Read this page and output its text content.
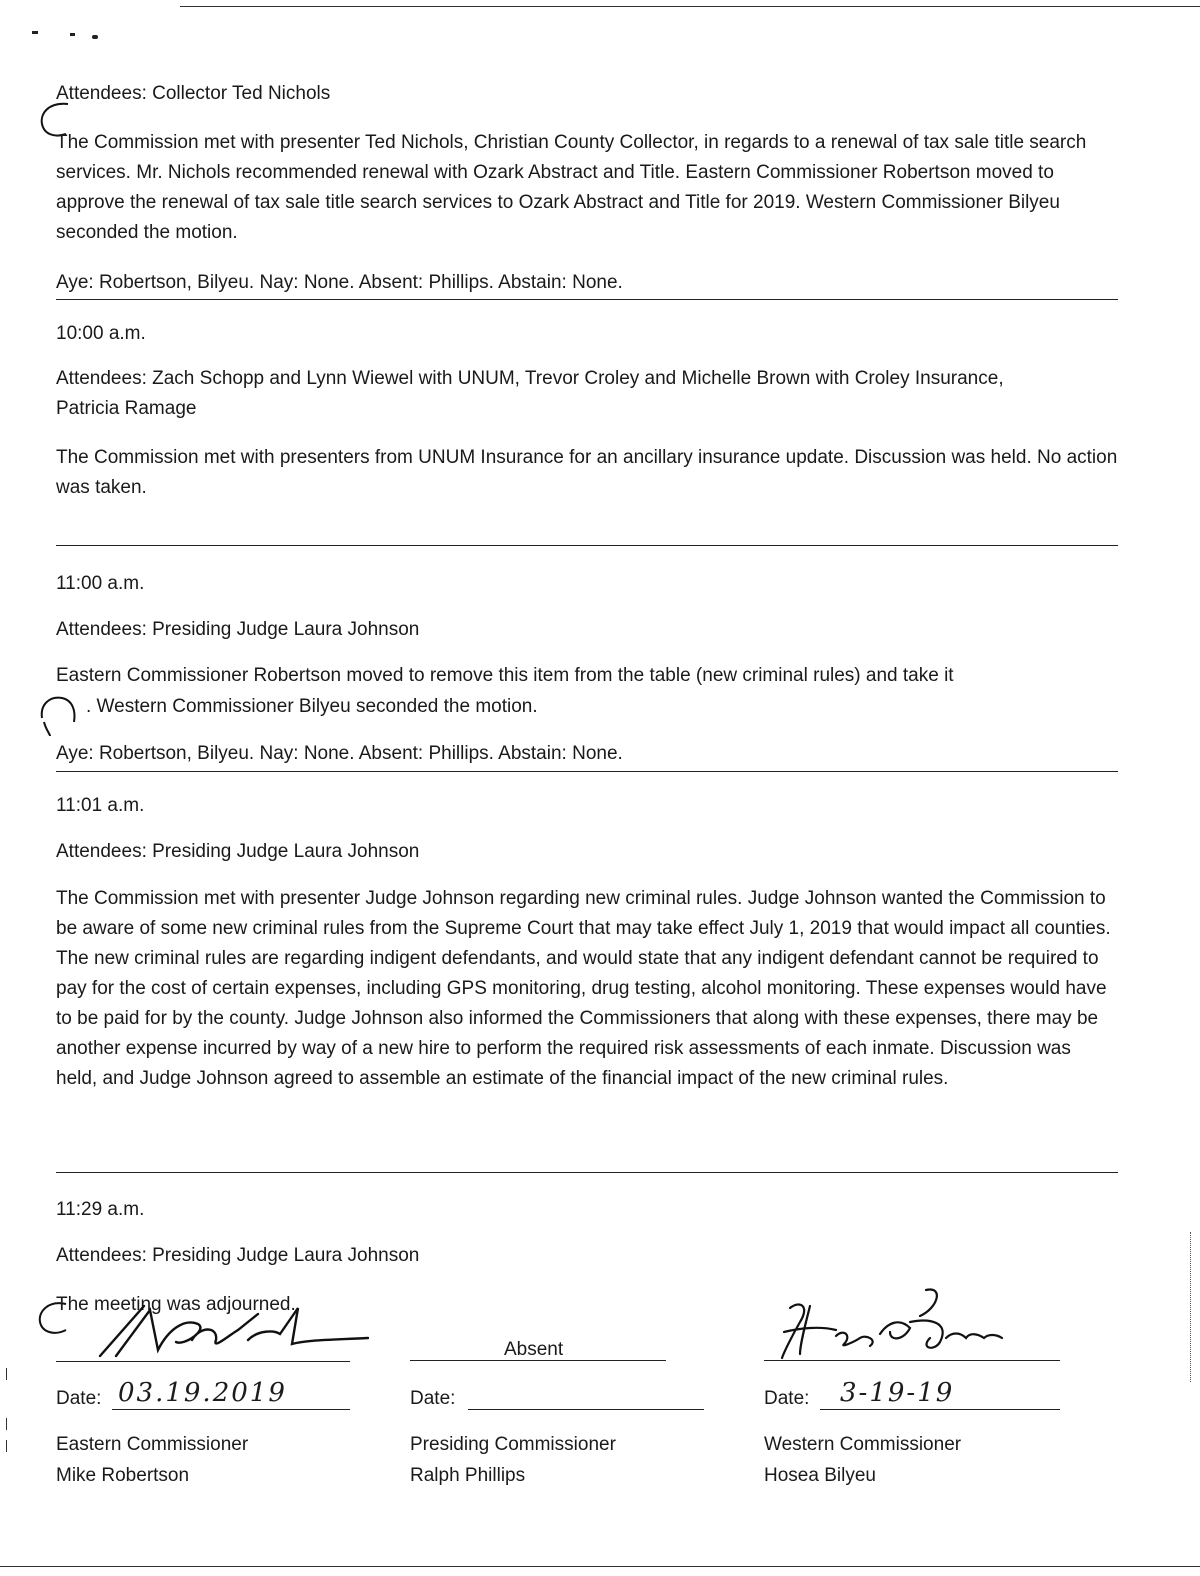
Attendees: Collector Ted Nichols
The Commission met with presenter Ted Nichols, Christian County Collector, in regards to a renewal of tax sale title search services. Mr. Nichols recommended renewal with Ozark Abstract and Title. Eastern Commissioner Robertson moved to approve the renewal of tax sale title search services to Ozark Abstract and Title for 2019. Western Commissioner Bilyeu seconded the motion.
Aye: Robertson, Bilyeu. Nay: None. Absent: Phillips. Abstain: None.
10:00 a.m.
Attendees: Zach Schopp and Lynn Wiewel with UNUM, Trevor Croley and Michelle Brown with Croley Insurance, Patricia Ramage
The Commission met with presenters from UNUM Insurance for an ancillary insurance update. Discussion was held. No action was taken.
11:00 a.m.
Attendees: Presiding Judge Laura Johnson
Eastern Commissioner Robertson moved to remove this item from the table (new criminal rules) and take it
. Western Commissioner Bilyeu seconded the motion.
Aye: Robertson, Bilyeu. Nay: None. Absent: Phillips. Abstain: None.
11:01 a.m.
Attendees: Presiding Judge Laura Johnson
The Commission met with presenter Judge Johnson regarding new criminal rules. Judge Johnson wanted the Commission to be aware of some new criminal rules from the Supreme Court that may take effect July 1, 2019 that would impact all counties. The new criminal rules are regarding indigent defendants, and would state that any indigent defendant cannot be required to pay for the cost of certain expenses, including GPS monitoring, drug testing, alcohol monitoring. These expenses would have to be paid for by the county. Judge Johnson also informed the Commissioners that along with these expenses, there may be another expense incurred by way of a new hire to perform the required risk assessments of each inmate. Discussion was held, and Judge Johnson agreed to assemble an estimate of the financial impact of the new criminal rules.
11:29 a.m.
Attendees: Presiding Judge Laura Johnson
The meeting was adjourned.
Date: 03.19.2019
Eastern Commissioner
Mike Robertson
Absent
Date:
Presiding Commissioner
Ralph Phillips
Date: 3-19-19
Western Commissioner
Hosea Bilyeu
